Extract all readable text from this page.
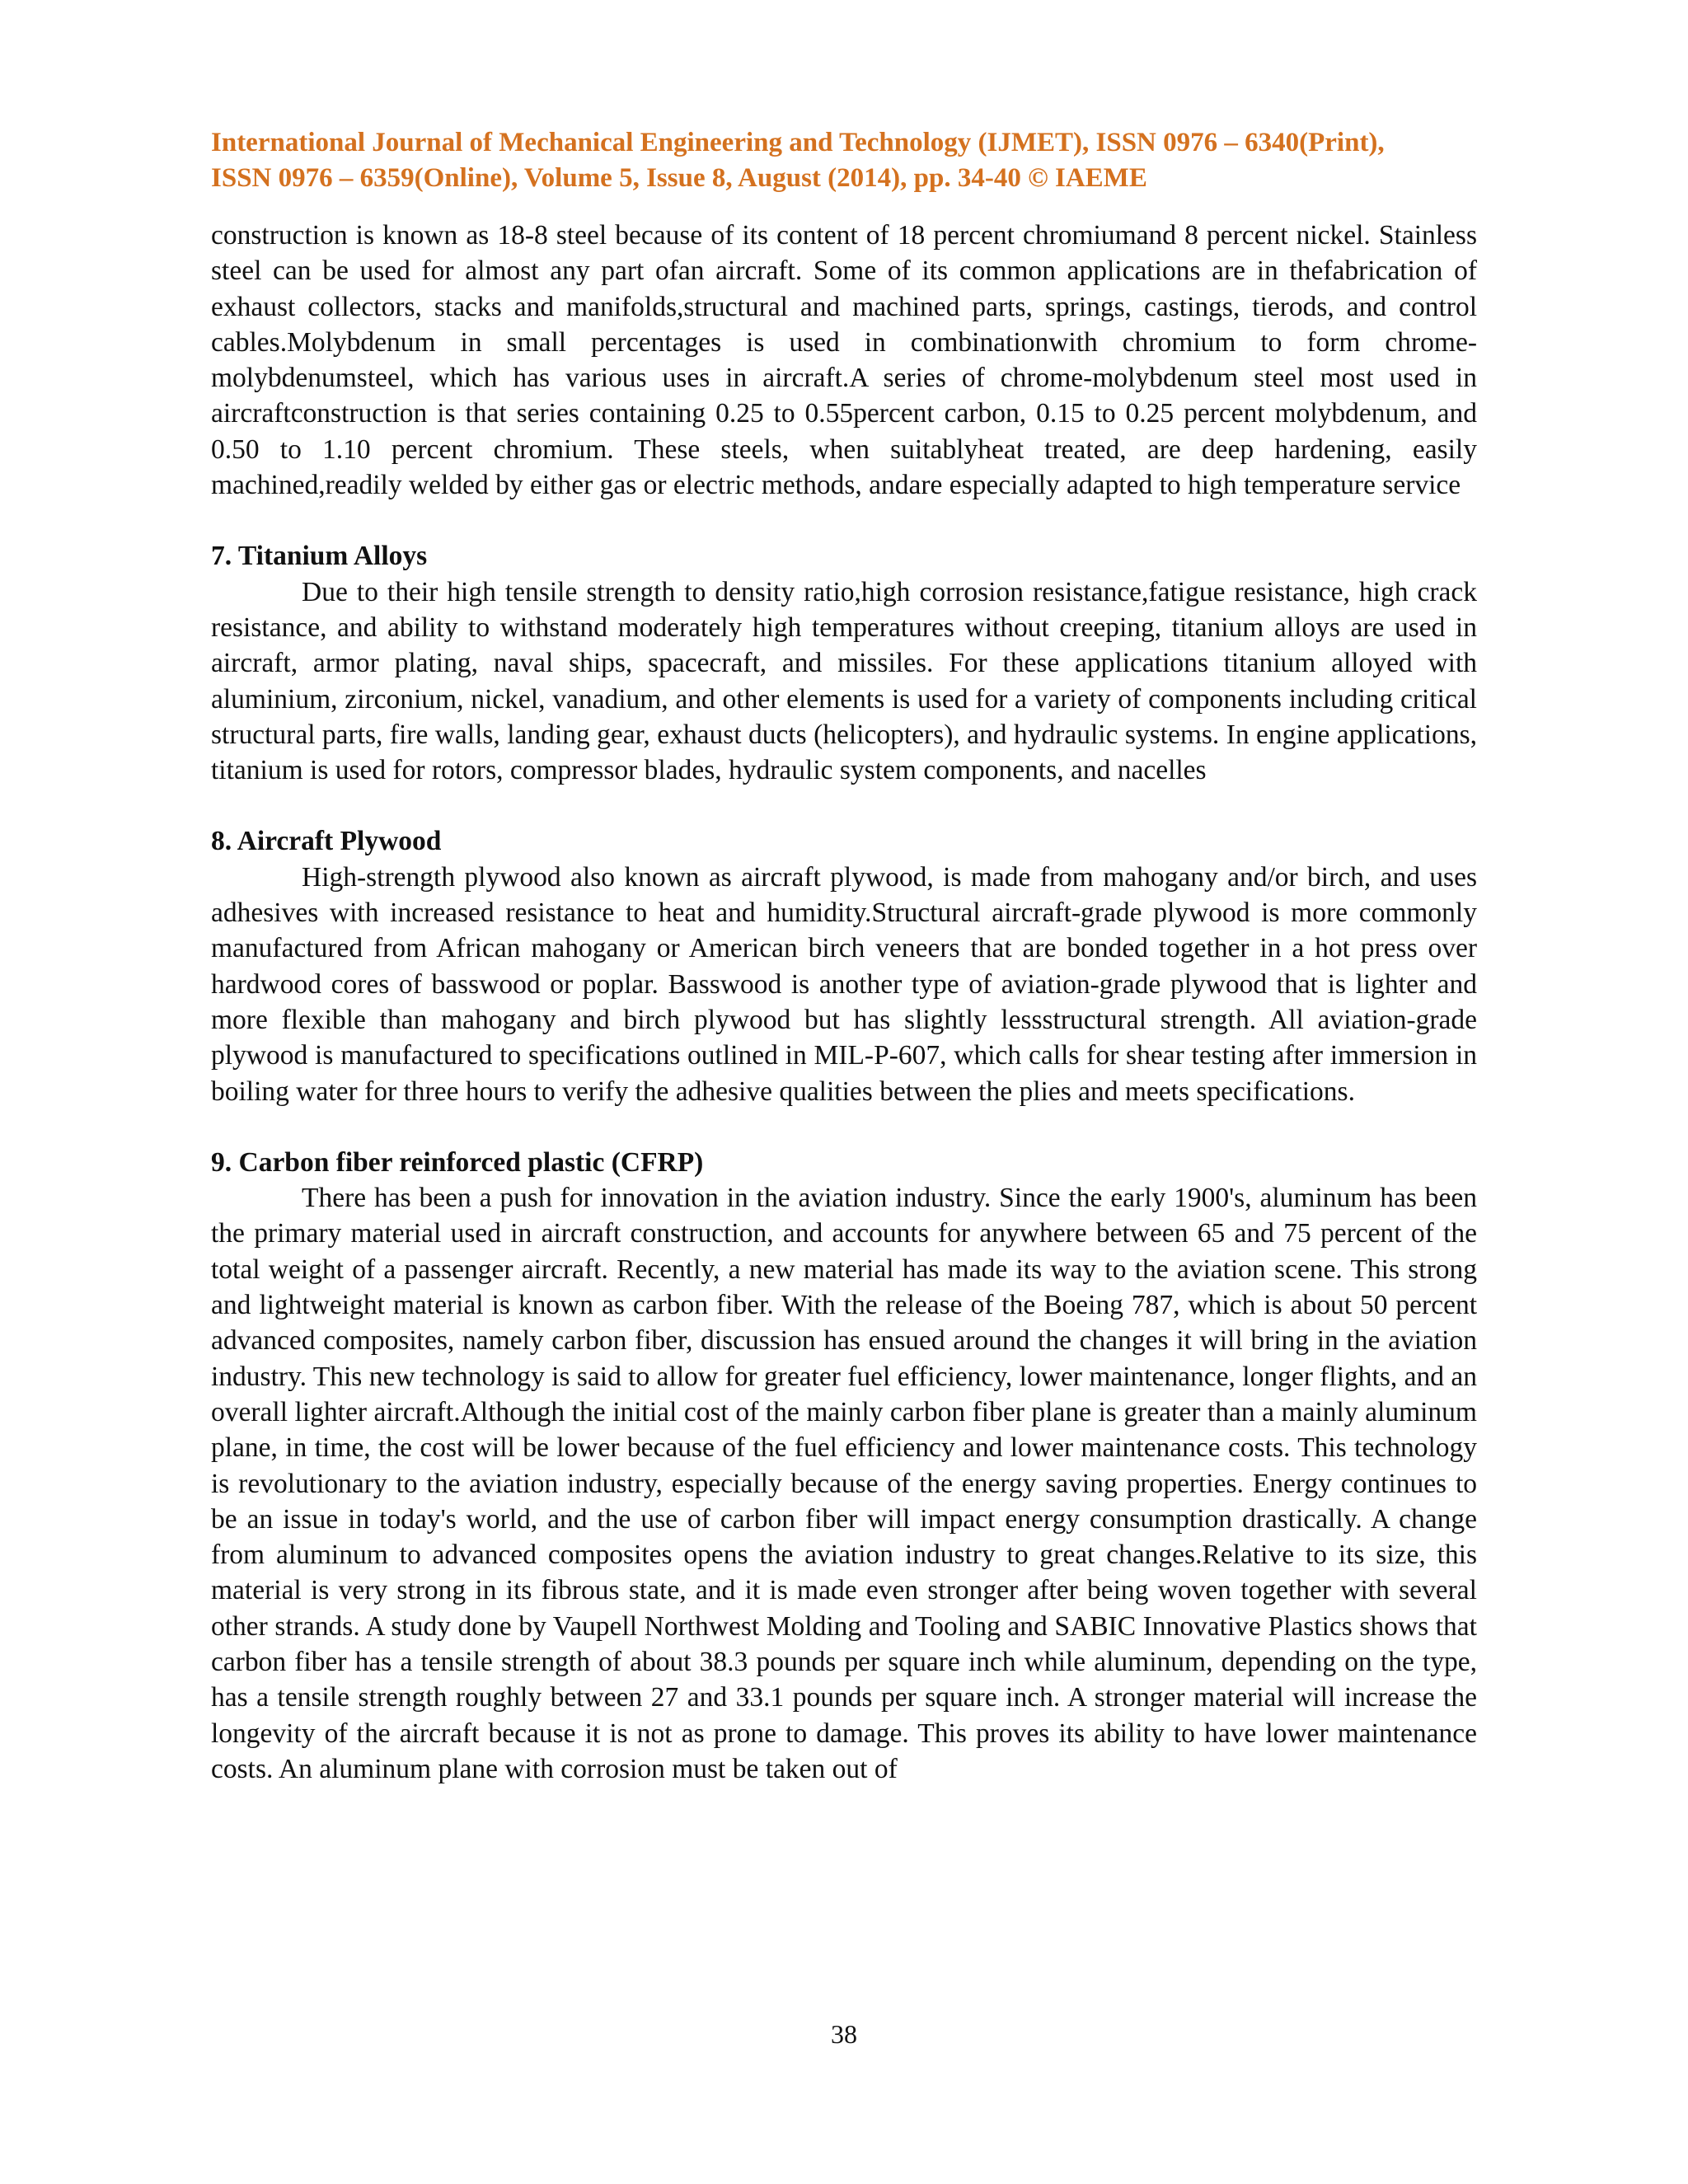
International Journal of Mechanical Engineering and Technology (IJMET), ISSN 0976 – 6340(Print),
ISSN 0976 – 6359(Online), Volume 5, Issue 8, August (2014), pp. 34-40 © IAEME

construction is known as 18-8 steel because of its content of 18 percent chromiumand 8 percent nickel. Stainless steel can be used for almost any part ofan aircraft. Some of its common applications are in thefabrication of exhaust collectors, stacks and manifolds,structural and machined parts, springs, castings, tierods, and control cables.Molybdenum in small percentages is used in combinationwith chromium to form chrome-molybdenumsteel, which has various uses in aircraft.A series of chrome-molybdenum steel most used in aircraftconstruction is that series containing 0.25 to 0.55percent carbon, 0.15 to 0.25 percent molybdenum, and 0.50 to 1.10 percent chromium. These steels, when suitablyheat treated, are deep hardening, easily machined,readily welded by either gas or electric methods, andare especially adapted to high temperature service

7. Titanium Alloys

Due to their high tensile strength to density ratio,high corrosion resistance,fatigue resistance, high crack resistance, and ability to withstand moderately high temperatures without creeping, titanium alloys are used in aircraft, armor plating, naval ships, spacecraft, and missiles. For these applications titanium alloyed with aluminium, zirconium, nickel, vanadium, and other elements is used for a variety of components including critical structural parts, fire walls, landing gear, exhaust ducts (helicopters), and hydraulic systems. In engine applications, titanium is used for rotors, compressor blades, hydraulic system components, and nacelles

8. Aircraft Plywood

High-strength plywood also known as aircraft plywood, is made from mahogany and/or birch, and uses adhesives with increased resistance to heat and humidity.Structural aircraft-grade plywood is more commonly manufactured from African mahogany or American birch veneers that are bonded together in a hot press over hardwood cores of basswood or poplar. Basswood is another type of aviation-grade plywood that is lighter and more flexible than mahogany and birch plywood but has slightly lessstructural strength. All aviation-grade plywood is manufactured to specifications outlined in MIL-P-607, which calls for shear testing after immersion in boiling water for three hours to verify the adhesive qualities between the plies and meets specifications.

9. Carbon fiber reinforced plastic (CFRP)

There has been a push for innovation in the aviation industry. Since the early 1900's, aluminum has been the primary material used in aircraft construction, and accounts for anywhere between 65 and 75 percent of the total weight of a passenger aircraft. Recently, a new material has made its way to the aviation scene. This strong and lightweight material is known as carbon fiber. With the release of the Boeing 787, which is about 50 percent advanced composites, namely carbon fiber, discussion has ensued around the changes it will bring in the aviation industry. This new technology is said to allow for greater fuel efficiency, lower maintenance, longer flights, and an overall lighter aircraft.Although the initial cost of the mainly carbon fiber plane is greater than a mainly aluminum plane, in time, the cost will be lower because of the fuel efficiency and lower maintenance costs. This technology is revolutionary to the aviation industry, especially because of the energy saving properties. Energy continues to be an issue in today's world, and the use of carbon fiber will impact energy consumption drastically. A change from aluminum to advanced composites opens the aviation industry to great changes.Relative to its size, this material is very strong in its fibrous state, and it is made even stronger after being woven together with several other strands. A study done by Vaupell Northwest Molding and Tooling and SABIC Innovative Plastics shows that carbon fiber has a tensile strength of about 38.3 pounds per square inch while aluminum, depending on the type, has a tensile strength roughly between 27 and 33.1 pounds per square inch. A stronger material will increase the longevity of the aircraft because it is not as prone to damage. This proves its ability to have lower maintenance costs. An aluminum plane with corrosion must be taken out of

38
